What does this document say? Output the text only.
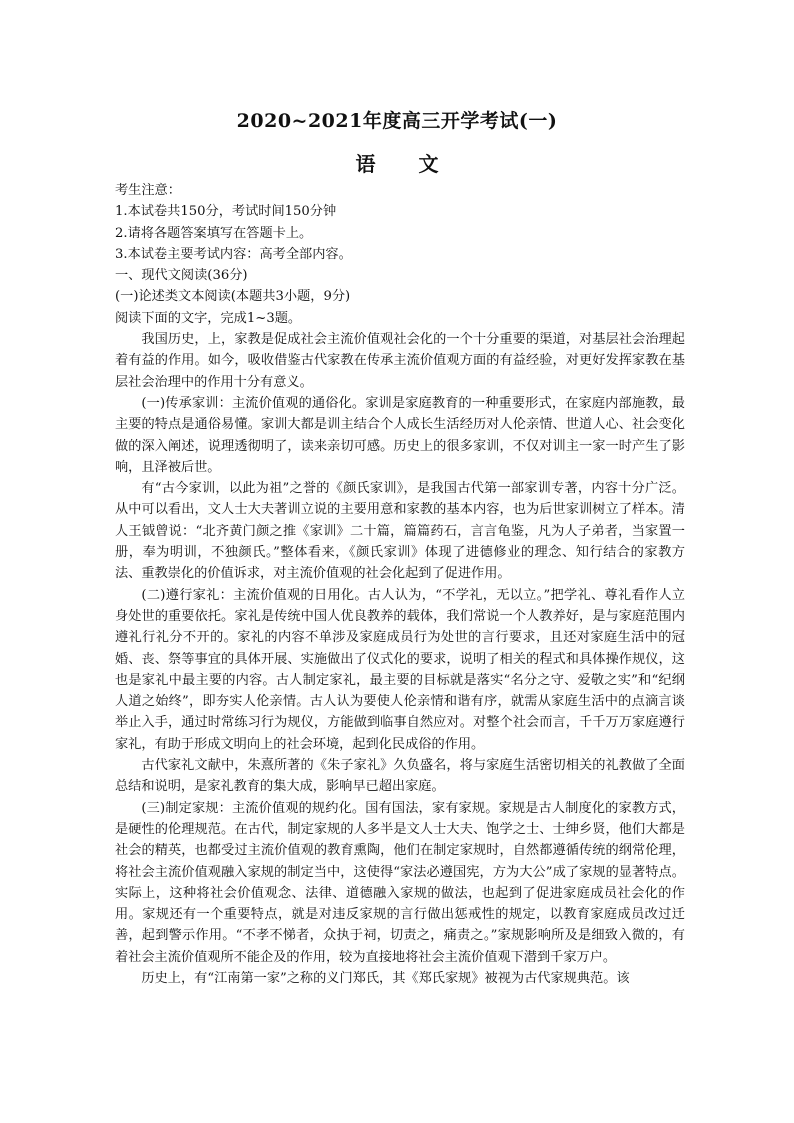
2020~2021年度高三开学考试(一)
语 文

考生注意：

1.本试卷共150分，考试时间150分钟

2.请将各题答案填写在答题卡上。

3.本试卷主要考试内容：高考全部内容。

一、现代文阅读(36分)

(一)论述类文本阅读(本题共3小题，9分)

阅读下面的文字，完成1~3题。

我国历史，上，家教是促成社会主流价值观社会化的一个十分重要的渠道，对基层社会治理起着有益的作用。如今，吸收借鉴古代家教在传承主流价值观方面的有益经验，对更好发挥家教在基层社会治理中的作用十分有意义。

(一)传承家训：主流价值观的通俗化。家训是家庭教育的一种重要形式，在家庭内部施教，最主要的特点是通俗易懂。家训大都是训主结合个人成长生活经历对人伦亲情、世道人心、社会变化做的深入阐述，说理透彻明了，读来亲切可感。历史上的很多家训，不仅对训主一家一时产生了影响，且泽被后世。

有“古今家训，以此为祖”之誉的《颜氏家训》，是我国古代第一部家训专著，内容十分广泛。从中可以看出，文人士大夫著训立说的主要用意和家教的基本内容，也为后世家训树立了样本。清人王钺曾说：“北齐黄门颜之推《家训》二十篇，篇篇药石，言言龟鉴，凡为人子弟者，当家置一册，奉为明训，不独颜氏。”整体看来，《颜氏家训》体现了进德修业的理念、知行结合的家教方法、重教崇化的价值诉求，对主流价值观的社会化起到了促进作用。

(二)遵行家礼：主流价值观的日用化。古人认为，“不学礼，无以立。”把学礼、尊礼看作人立身处世的重要依托。家礼是传统中国人优良教养的载体，我们常说一个人教养好，是与家庭范围内遵礼行礼分不开的。家礼的内容不单涉及家庭成员行为处世的言行要求，且还对家庭生活中的冠婚、丧、祭等事宜的具体开展、实施做出了仪式化的要求，说明了相关的程式和具体操作规仪，这也是家礼中最主要的内容。古人制定家礼，最主要的目标就是落实“名分之守、爱敬之实”和“纪纲人道之始终”，即夯实人伦亲情。古人认为要使人伦亲情和谐有序，就需从家庭生活中的点滴言谈举止入手，通过时常练习行为规仪，方能做到临事自然应对。对整个社会而言，千千万万家庭遵行家礼，有助于形成文明向上的社会环境，起到化民成俗的作用。

古代家礼文献中，朱熹所著的《朱子家礼》久负盛名，将与家庭生活密切相关的礼教做了全面总结和说明，是家礼教育的集大成，影响早已超出家庭。

(三)制定家规：主流价值观的规约化。国有国法，家有家规。家规是古人制度化的家教方式，是硬性的伦理规范。在古代，制定家规的人多半是文人士大夫、饱学之士、士绅乡贤，他们大都是社会的精英，也都受过主流价值观的教育熏陶，他们在制定家规时，自然都遵循传统的纲常伦理，将社会主流价值观融入家规的制定当中，这使得“家法必遵国宪，方为大公”成了家规的显著特点。实际上，这种将社会价值观念、法律、道德融入家规的做法，也起到了促进家庭成员社会化的作用。家规还有一个重要特点，就是对违反家规的言行做出惩戒性的规定，以教育家庭成员改过迁善，起到警示作用。“不孝不悌者，众执于祠，切责之，痛责之。”家规影响所及是细致入微的，有着社会主流价值观所不能企及的作用，较为直接地将社会主流价值观下潜到千家万户。

历史上，有“江南第一家”之称的义门郑氏，其《郑氏家规》被视为古代家规典范。该
